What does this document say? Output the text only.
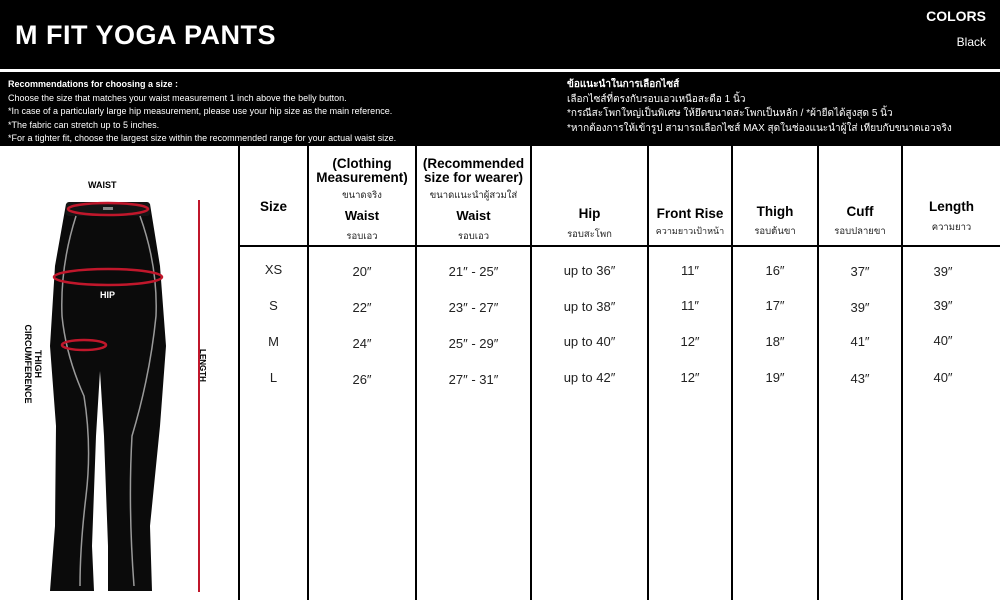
M FIT YOGA PANTS
COLORS
Black
Recommendations for choosing a size :
Choose the size that matches your waist measurement 1 inch above the belly button.
*In case of a particularly large hip measurement, please use your hip size as the main reference.
*The fabric can stretch up to 5 inches.
*For a tighter fit, choose the largest size within the recommended range for your actual waist size.
ข้อแนะนำในการเลือกไซส์
เลือกไซส์ที่ตรงกับรอบเอวเหนือสะดือ 1 นิ้ว
*กรณีสะโพกใหญ่เป็นพิเศษ ให้ยึดขนาดสะโพกเป็นหลัก / *ผ้ายืดได้สูงสุด 5 นิ้ว
*หากต้องการให้เข้ารูป สามารถเลือกไซส์ MAX สุดในช่องแนะนำผู้ใส่ เทียบกับขนาดเอวจริง
WAIST
HIP
THIGH
CIRCUMFERENCE	LENGTH
Size
(Clothing Measurement)
ขนาดจริง
Waist
รอบเอว
(Recommended size for wearer)
ขนาดแนะนำผู้สวมใส่
Waist
รอบเอว
Hip
รอบสะโพก
Front Rise
ความยาวเป้าหน้า
Thigh
รอบต้นขา
Cuff
รอบปลายขา
Length
ความยาว
XS	20″	21″ - 25″	up to 36″	11″	16″	37″	39″
S	22″	23″ - 27″	up to 38″	11″	17″	39″	39″
M	24″	25″ - 29″	up to 40″	12″	18″	41″	40″
L	26″	27″ - 31″	up to 42″	12″	19″	43″	40″
